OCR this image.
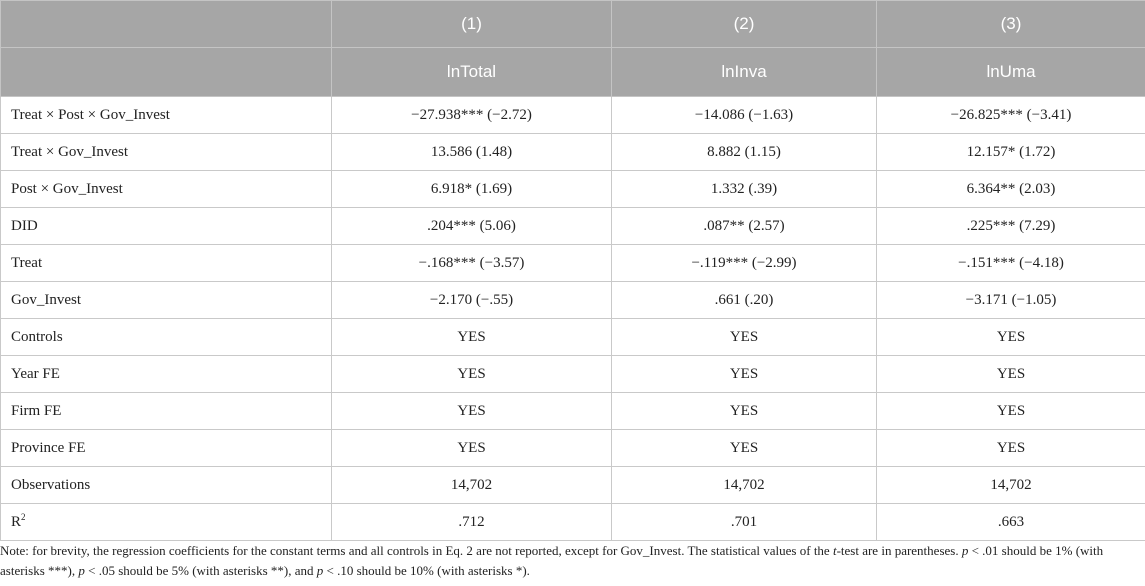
	(1)	(2)	(3)
	lnTotal	lnInva	lnUma
Treat × Post × Gov_Invest	−27.938*** (−2.72)	−14.086 (−1.63)	−26.825*** (−3.41)
Treat × Gov_Invest	13.586 (1.48)	8.882 (1.15)	12.157* (1.72)
Post × Gov_Invest	6.918* (1.69)	1.332 (.39)	6.364** (2.03)
DID	.204*** (5.06)	.087** (2.57)	.225*** (7.29)
Treat	−.168*** (−3.57)	−.119*** (−2.99)	−.151*** (−4.18)
Gov_Invest	−2.170 (−.55)	.661 (.20)	−3.171 (−1.05)
Controls	YES	YES	YES
Year FE	YES	YES	YES
Firm FE	YES	YES	YES
Province FE	YES	YES	YES
Observations	14,702	14,702	14,702
$R^2$	.712	.701	.663
Note: for brevity, the regression coefficients for the constant terms and all controls in Eq. 2 are not reported, except for Gov_Invest. The statistical values of the t-test are in parentheses. p < .01 should be 1% (with asterisks ***), p < .05 should be 5% (with asterisks **), and p < .10 should be 10% (with asterisks *).
